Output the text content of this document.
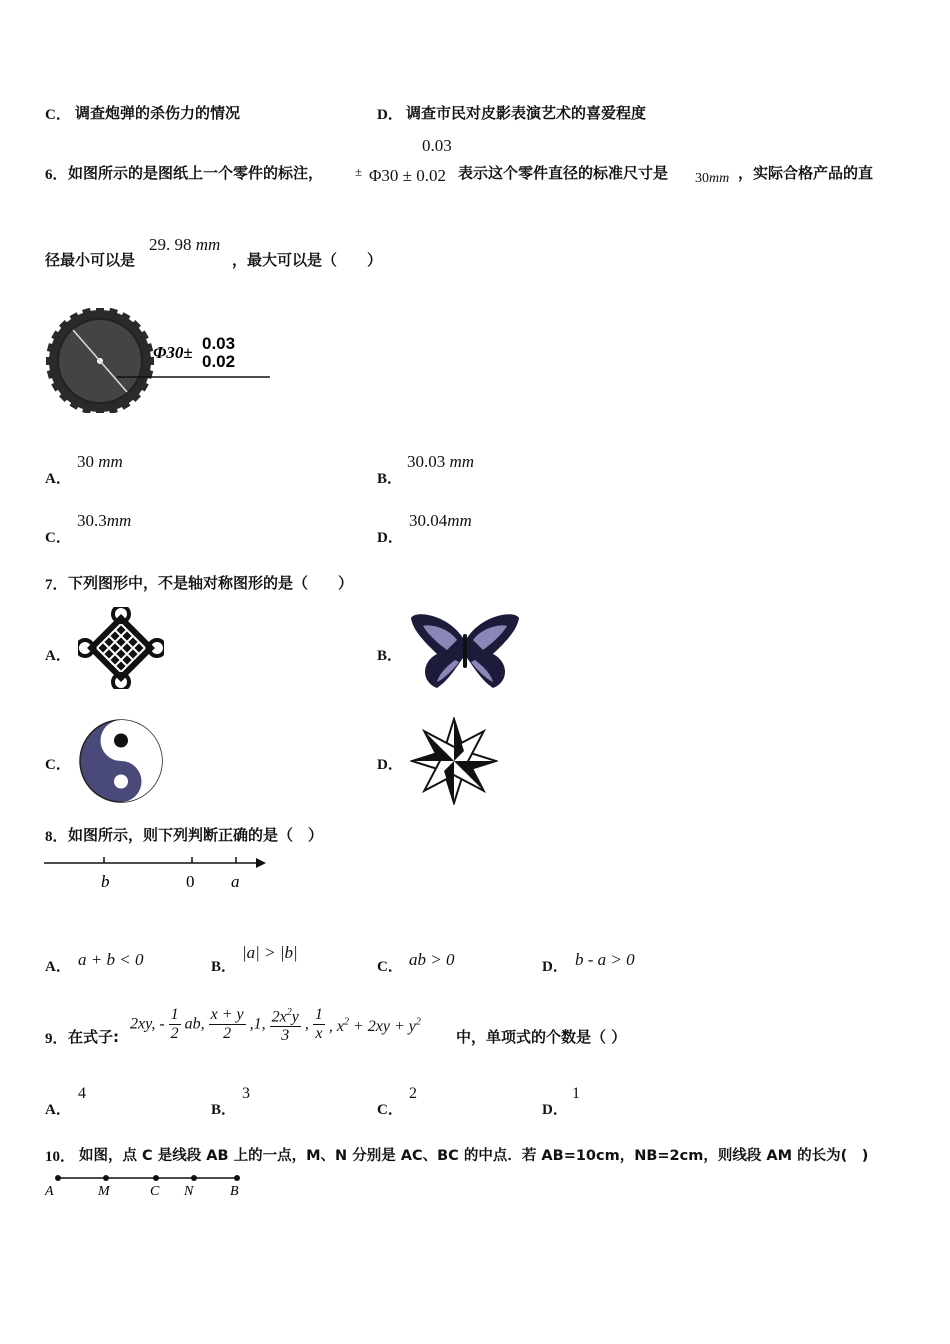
C． 调查炮弹的杀伤力的情况	D． 调查市民对皮影表演艺术的喜爱程度
6． 如图所示的是图纸上一个零件的标注， ±
0.03
Φ30 ± 0.02 表示这个零件直径的标准尺寸是 30mm ，实际合格产品的直
径最小可以是
29. 98 mm
，最大可以是（　　）
Φ30± 0.03
0.02
A．
30 mm
B．
30.03 mm
C．
30.3mm
D．
30.04mm
7． 下列图形中，不是轴对称图形的是（　　）
A．	B．
C．	D．
8． 如图所示，则下列判断正确的是（　）
b	0 a
A． a + b < 0	B．
|a| > |b|
C． ab > 0	D． b - a > 0
9． 在式子:
2xy, - $\frac{1}{2}$ ab, $\frac{x + y}{2} ,1$, $\frac{2x^2y}{3}$ , $\frac{1}{x}$ , $x^2 + 2xy + y^2$
中，单项式的个数是（ ）
A．
4
B．
3
C．
2
D．
1
10． 如图，点 C 是线段 AB 上的一点，M、N 分别是 AC、BC 的中点．若 AB=10cm，NB=2cm，则线段 AM 的长为(　)
A	M	C N	B
